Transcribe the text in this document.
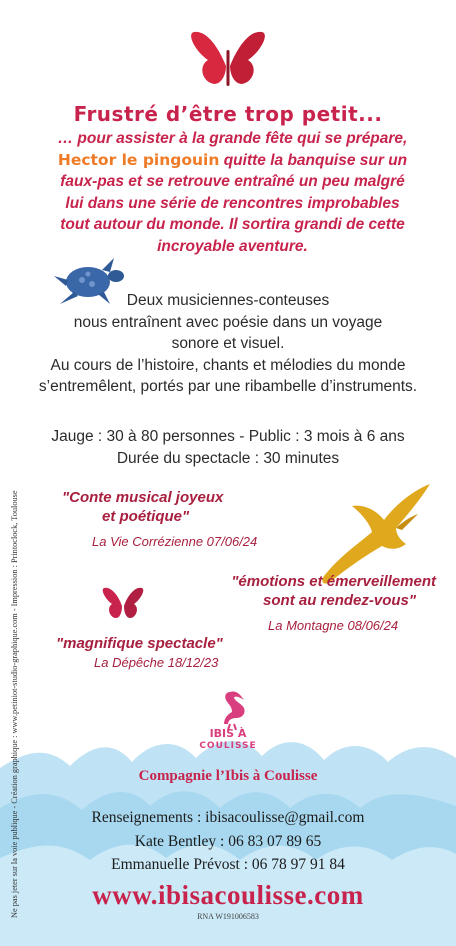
Frustré d’être trop petit...
… pour assister à la grande fête qui se prépare,
Hector le pingouin quitte la banquise sur un
faux-pas et se retrouve entraîné un peu malgré
lui dans une série de rencontres improbables
tout autour du monde. Il sortira grandi de cette
incroyable aventure.
Deux musiciennes-conteuses
nous entraînent avec poésie dans un voyage
sonore et visuel.
Au cours de l’histoire, chants et mélodies du monde
s’entremêlent, portés par une ribambelle d’instruments.
Jauge : 30 à 80 personnes - Public : 3 mois à 6 ans
Durée du spectacle : 30 minutes
"Conte musical joyeux
et poétique"
La Vie Corrézienne 07/06/24
"émotions et émerveillement
sont au rendez-vous"
La Montagne 08/06/24
"magnifique spectacle"
La Dépêche 18/12/23
IBIS À
COULISSE
Compagnie l’Ibis à Coulisse
Renseignements : ibisacoulisse@gmail.com
Kate Bentley : 06 83 07 89 65
Emmanuelle Prévost : 06 78 97 91 84
www.ibisacoulisse.com
RNA W191006583
Ne pas jeter sur la voie publique - Création graphique : www.petiniot-studio-graphique.com - Impression : Printoclock, Toulouse
